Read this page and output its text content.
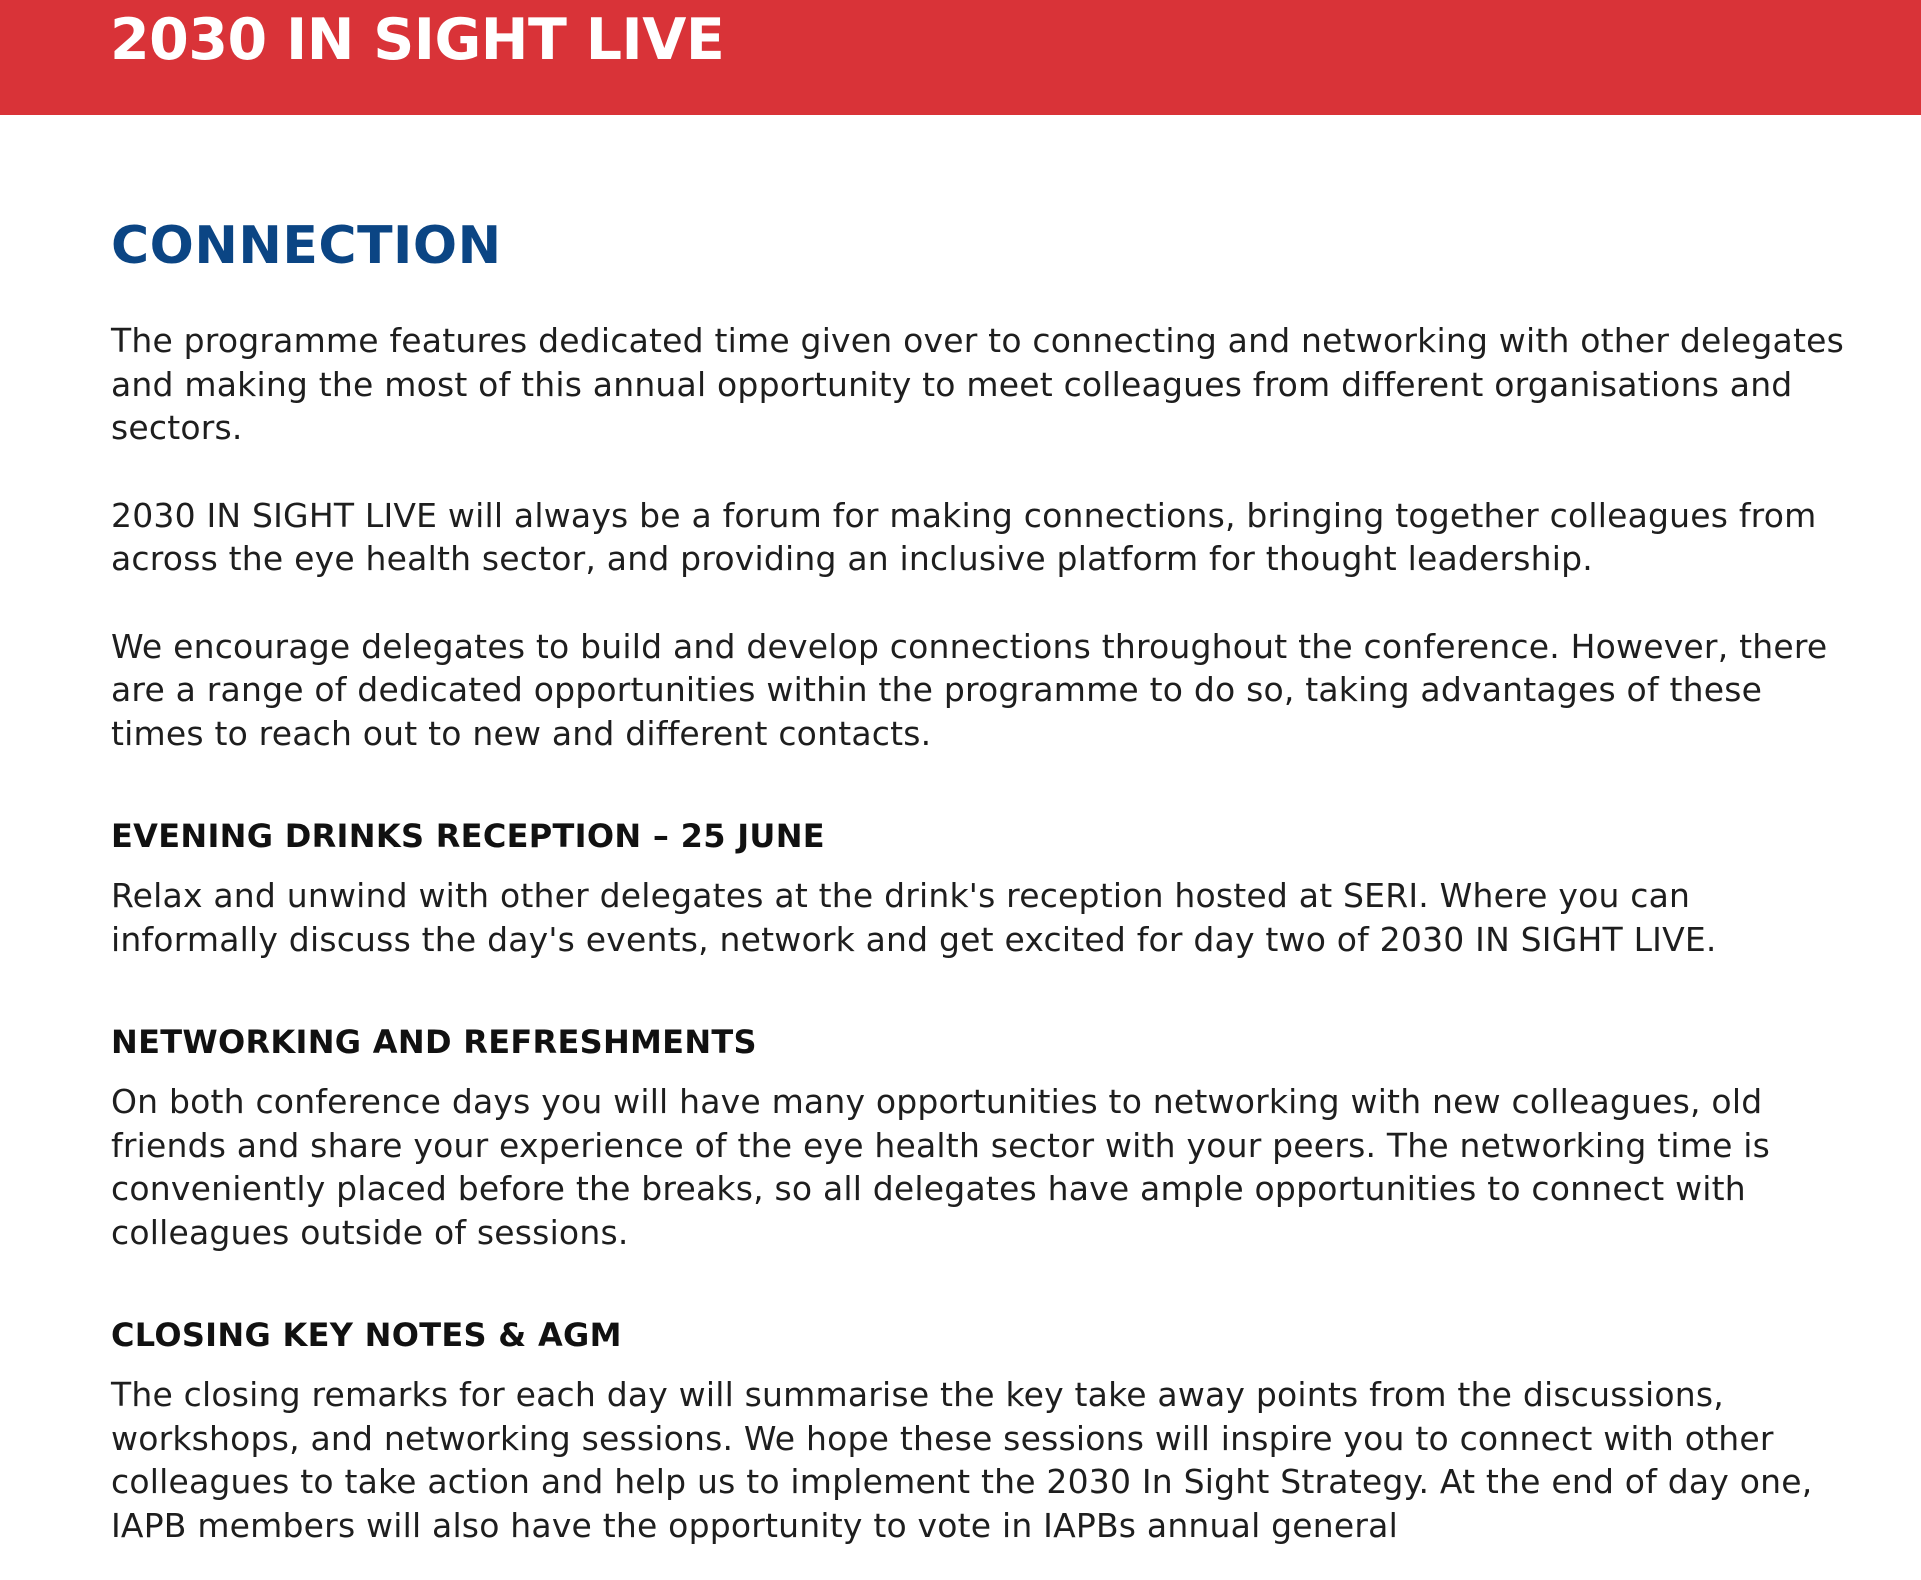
2030 IN SIGHT LIVE
CONNECTION

The programme features dedicated time given over to connecting and networking with other delegates and making the most of this annual opportunity to meet colleagues from different organisations and sectors.

2030 IN SIGHT LIVE will always be a forum for making connections, bringing together colleagues from across the eye health sector, and providing an inclusive platform for thought leadership.

We encourage delegates to build and develop connections throughout the conference. However, there are a range of dedicated opportunities within the programme to do so, taking advantages of these times to reach out to new and different contacts.

EVENING DRINKS RECEPTION – 25 JUNE

Relax and unwind with other delegates at the drink's reception hosted at SERI. Where you can informally discuss the day's events, network and get excited for day two of 2030 IN SIGHT LIVE.

NETWORKING AND REFRESHMENTS

On both conference days you will have many opportunities to networking with new colleagues, old friends and share your experience of the eye health sector with your peers. The networking time is conveniently placed before the breaks, so all delegates have ample opportunities to connect with colleagues outside of sessions.

CLOSING KEY NOTES & AGM

The closing remarks for each day will summarise the key take away points from the discussions, workshops, and networking sessions. We hope these sessions will inspire you to connect with other colleagues to take action and help us to implement the 2030 In Sight Strategy. At the end of day one, IAPB members will also have the opportunity to vote in IAPBs annual general
